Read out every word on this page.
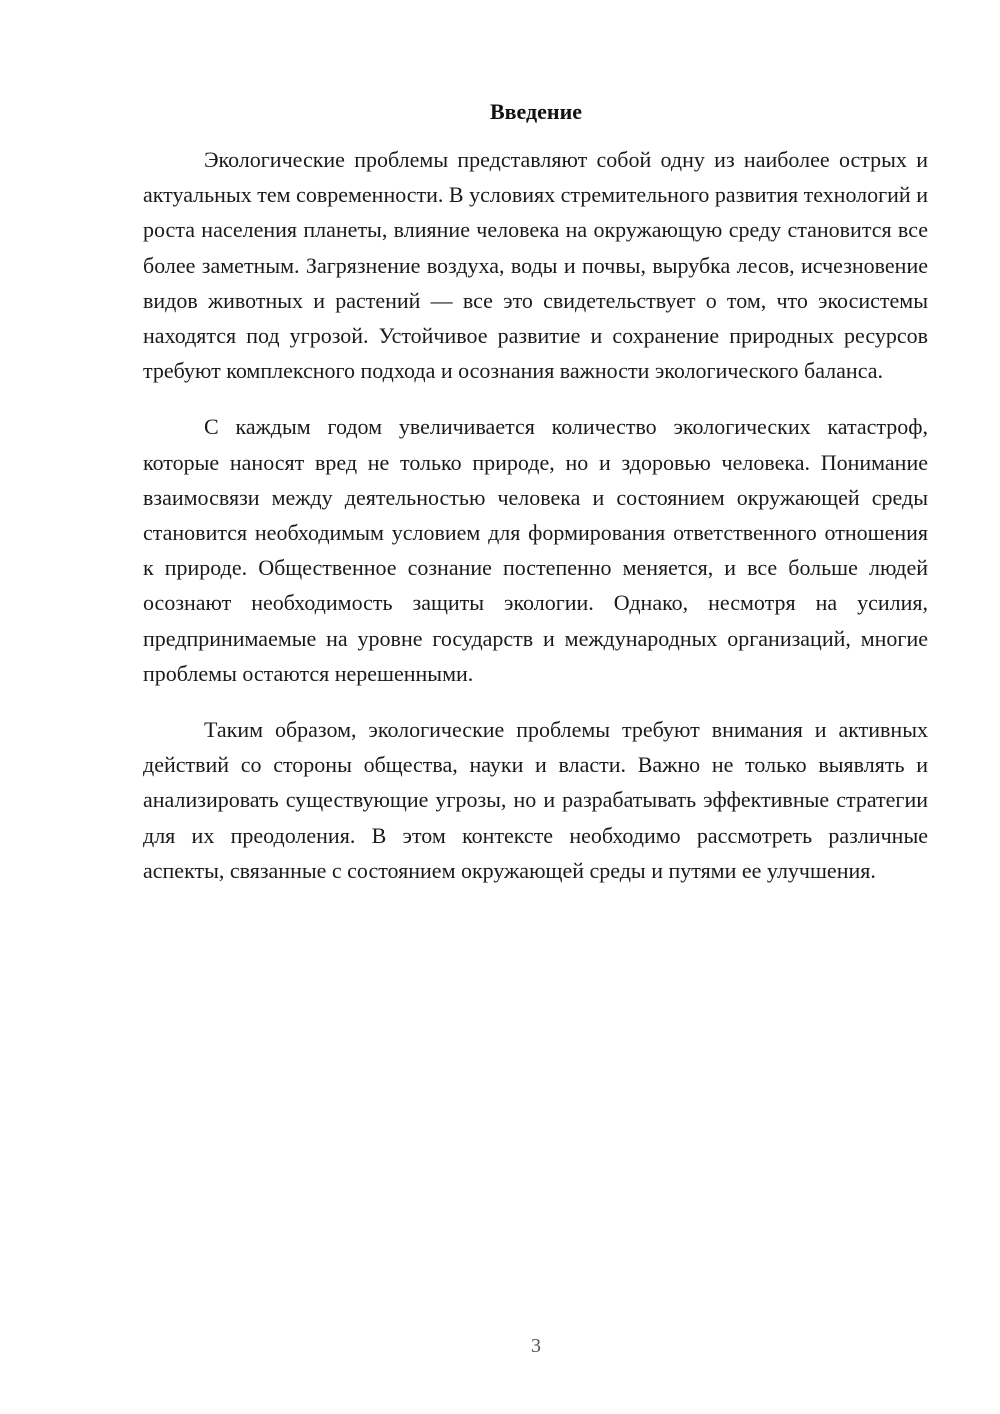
Введение

Экологические проблемы представляют собой одну из наиболее острых и актуальных тем современности. В условиях стремительного развития технологий и роста населения планеты, влияние человека на окружающую среду становится все более заметным. Загрязнение воздуха, воды и почвы, вырубка лесов, исчезновение видов животных и растений — все это свидетельствует о том, что экосистемы находятся под угрозой. Устойчивое развитие и сохранение природных ресурсов требуют комплексного подхода и осознания важности экологического баланса.

С каждым годом увеличивается количество экологических катастроф, которые наносят вред не только природе, но и здоровью человека. Понимание взаимосвязи между деятельностью человека и состоянием окружающей среды становится необходимым условием для формирования ответственного отношения к природе. Общественное сознание постепенно меняется, и все больше людей осознают необходимость защиты экологии. Однако, несмотря на усилия, предпринимаемые на уровне государств и международных организаций, многие проблемы остаются нерешенными.

Таким образом, экологические проблемы требуют внимания и активных действий со стороны общества, науки и власти. Важно не только выявлять и анализировать существующие угрозы, но и разрабатывать эффективные стратегии для их преодоления. В этом контексте необходимо рассмотреть различные аспекты, связанные с состоянием окружающей среды и путями ее улучшения.

3
